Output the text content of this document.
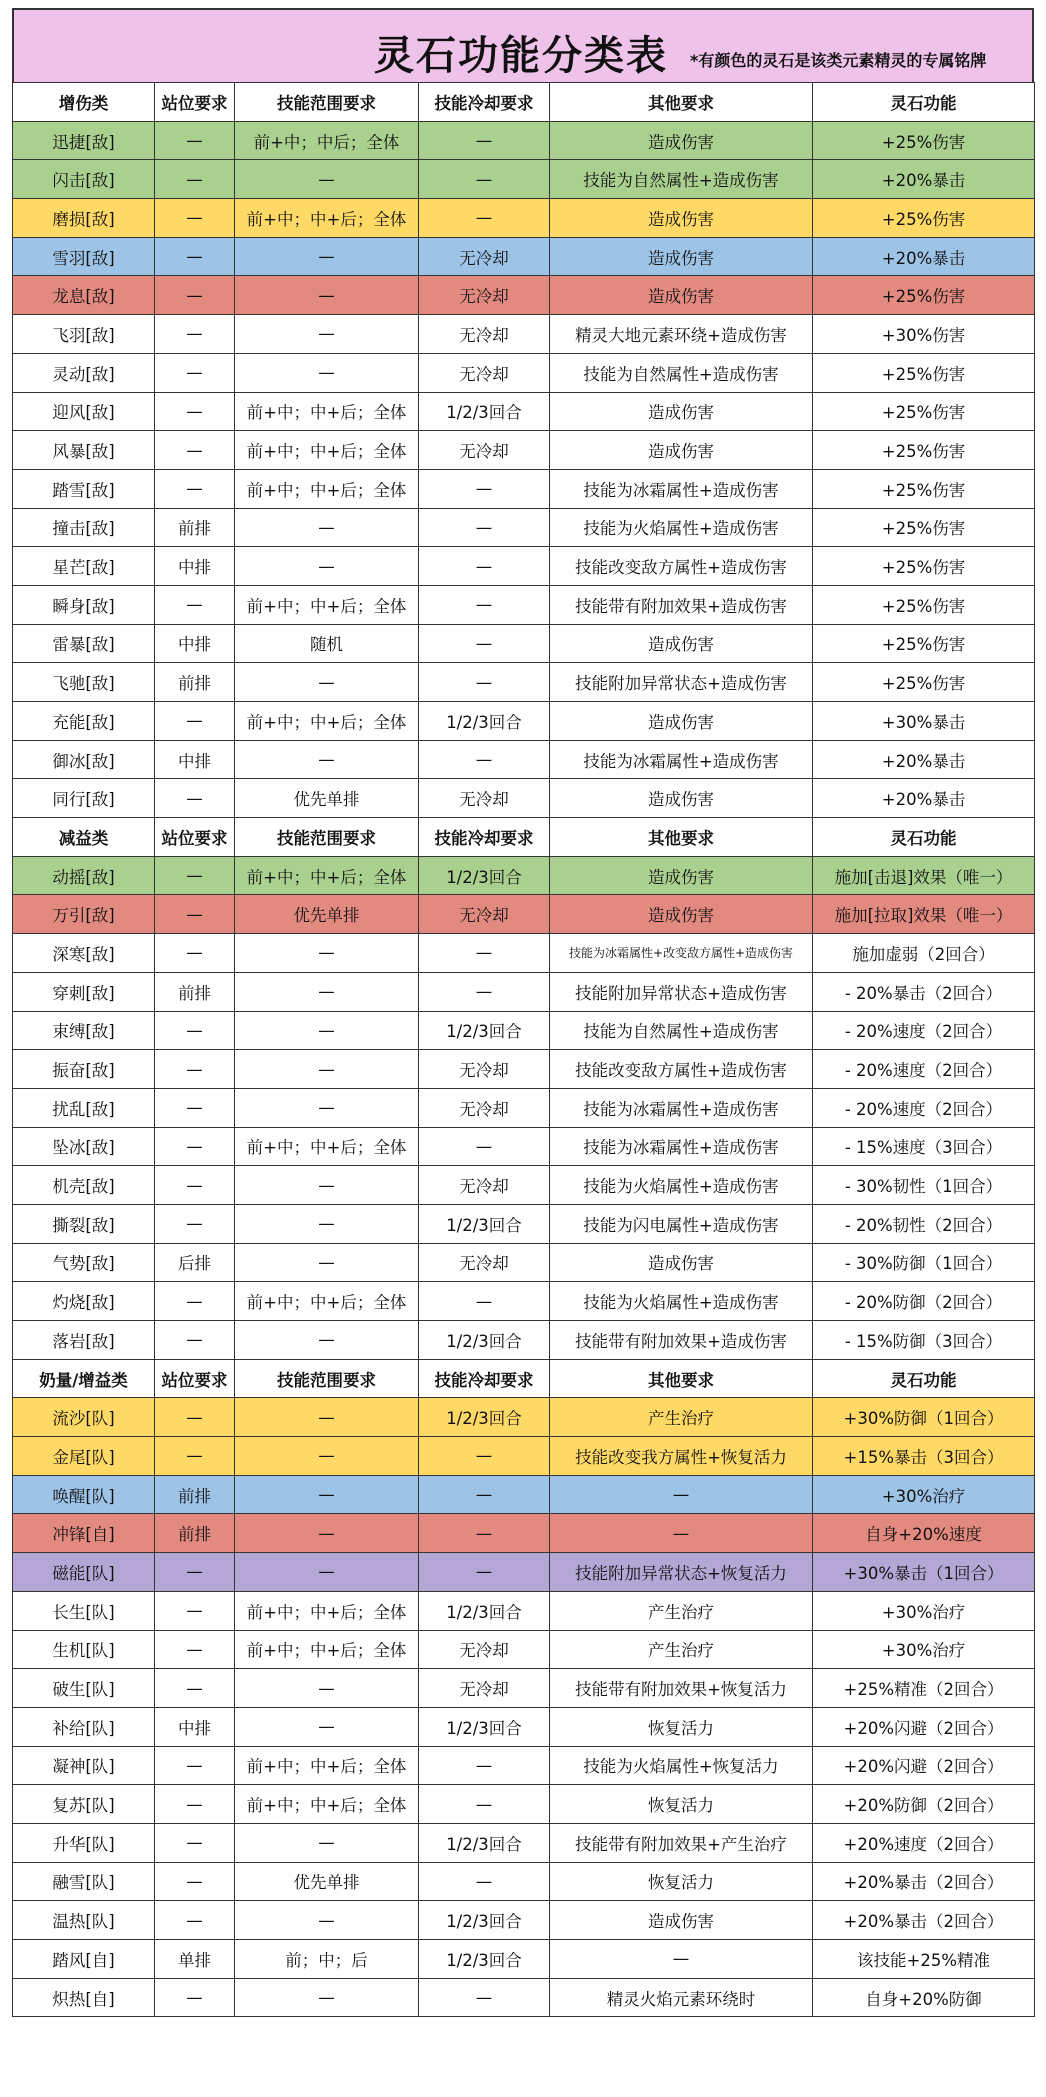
灵石功能分类表 *有颜色的灵石是该类元素精灵的专属铭牌
增伤类	站位要求	技能范围要求	技能冷却要求	其他要求	灵石功能
迅捷[敌]	—	前+中；中后；全体	—	造成伤害	+25%伤害
闪击[敌]	—	—	—	技能为自然属性+造成伤害	+20%暴击
磨损[敌]	—	前+中；中+后；全体	—	造成伤害	+25%伤害
雪羽[敌]	—	—	无冷却	造成伤害	+20%暴击
龙息[敌]	—	—	无冷却	造成伤害	+25%伤害
飞羽[敌]	—	—	无冷却	精灵大地元素环绕+造成伤害	+30%伤害
灵动[敌]	—	—	无冷却	技能为自然属性+造成伤害	+25%伤害
迎风[敌]	—	前+中；中+后；全体	1/2/3回合	造成伤害	+25%伤害
风暴[敌]	—	前+中；中+后；全体	无冷却	造成伤害	+25%伤害
踏雪[敌]	—	前+中；中+后；全体	—	技能为冰霜属性+造成伤害	+25%伤害
撞击[敌]	前排	—	—	技能为火焰属性+造成伤害	+25%伤害
星芒[敌]	中排	—	—	技能改变敌方属性+造成伤害	+25%伤害
瞬身[敌]	—	前+中；中+后；全体	—	技能带有附加效果+造成伤害	+25%伤害
雷暴[敌]	中排	随机	—	造成伤害	+25%伤害
飞驰[敌]	前排	—	—	技能附加异常状态+造成伤害	+25%伤害
充能[敌]	—	前+中；中+后；全体	1/2/3回合	造成伤害	+30%暴击
御冰[敌]	中排	—	—	技能为冰霜属性+造成伤害	+20%暴击
同行[敌]	—	优先单排	无冷却	造成伤害	+20%暴击
减益类	站位要求	技能范围要求	技能冷却要求	其他要求	灵石功能
动摇[敌]	—	前+中；中+后；全体	1/2/3回合	造成伤害	施加[击退]效果（唯一）
万引[敌]	—	优先单排	无冷却	造成伤害	施加[拉取]效果（唯一）
深寒[敌]	—	—	—	技能为冰霜属性+改变敌方属性+造成伤害	施加虚弱（2回合）
穿刺[敌]	前排	—	—	技能附加异常状态+造成伤害	- 20%暴击（2回合）
束缚[敌]	—	—	1/2/3回合	技能为自然属性+造成伤害	- 20%速度（2回合）
振奋[敌]	—	—	无冷却	技能改变敌方属性+造成伤害	- 20%速度（2回合）
扰乱[敌]	—	—	无冷却	技能为冰霜属性+造成伤害	- 20%速度（2回合）
坠冰[敌]	—	前+中；中+后；全体	—	技能为冰霜属性+造成伤害	- 15%速度（3回合）
机壳[敌]	—	—	无冷却	技能为火焰属性+造成伤害	- 30%韧性（1回合）
撕裂[敌]	—	—	1/2/3回合	技能为闪电属性+造成伤害	- 20%韧性（2回合）
气势[敌]	后排	—	无冷却	造成伤害	- 30%防御（1回合）
灼烧[敌]	—	前+中；中+后；全体	—	技能为火焰属性+造成伤害	- 20%防御（2回合）
落岩[敌]	—	—	1/2/3回合	技能带有附加效果+造成伤害	- 15%防御（3回合）
奶量/增益类	站位要求	技能范围要求	技能冷却要求	其他要求	灵石功能
流沙[队]	—	—	1/2/3回合	产生治疗	+30%防御（1回合）
金尾[队]	—	—	—	技能改变我方属性+恢复活力	+15%暴击（3回合）
唤醒[队]	前排	—	—	—	+30%治疗
冲锋[自]	前排	—	—	—	自身+20%速度
磁能[队]	—	—	—	技能附加异常状态+恢复活力	+30%暴击（1回合）
长生[队]	—	前+中；中+后；全体	1/2/3回合	产生治疗	+30%治疗
生机[队]	—	前+中；中+后；全体	无冷却	产生治疗	+30%治疗
破生[队]	—	—	无冷却	技能带有附加效果+恢复活力	+25%精准（2回合）
补给[队]	中排	—	1/2/3回合	恢复活力	+20%闪避（2回合）
凝神[队]	—	前+中；中+后；全体	—	技能为火焰属性+恢复活力	+20%闪避（2回合）
复苏[队]	—	前+中；中+后；全体	—	恢复活力	+20%防御（2回合）
升华[队]	—	—	1/2/3回合	技能带有附加效果+产生治疗	+20%速度（2回合）
融雪[队]	—	优先单排	—	恢复活力	+20%暴击（2回合）
温热[队]	—	—	1/2/3回合	造成伤害	+20%暴击（2回合）
踏风[自]	单排	前；中；后	1/2/3回合	—	该技能+25%精准
炽热[自]	—	—	—	精灵火焰元素环绕时	自身+20%防御
